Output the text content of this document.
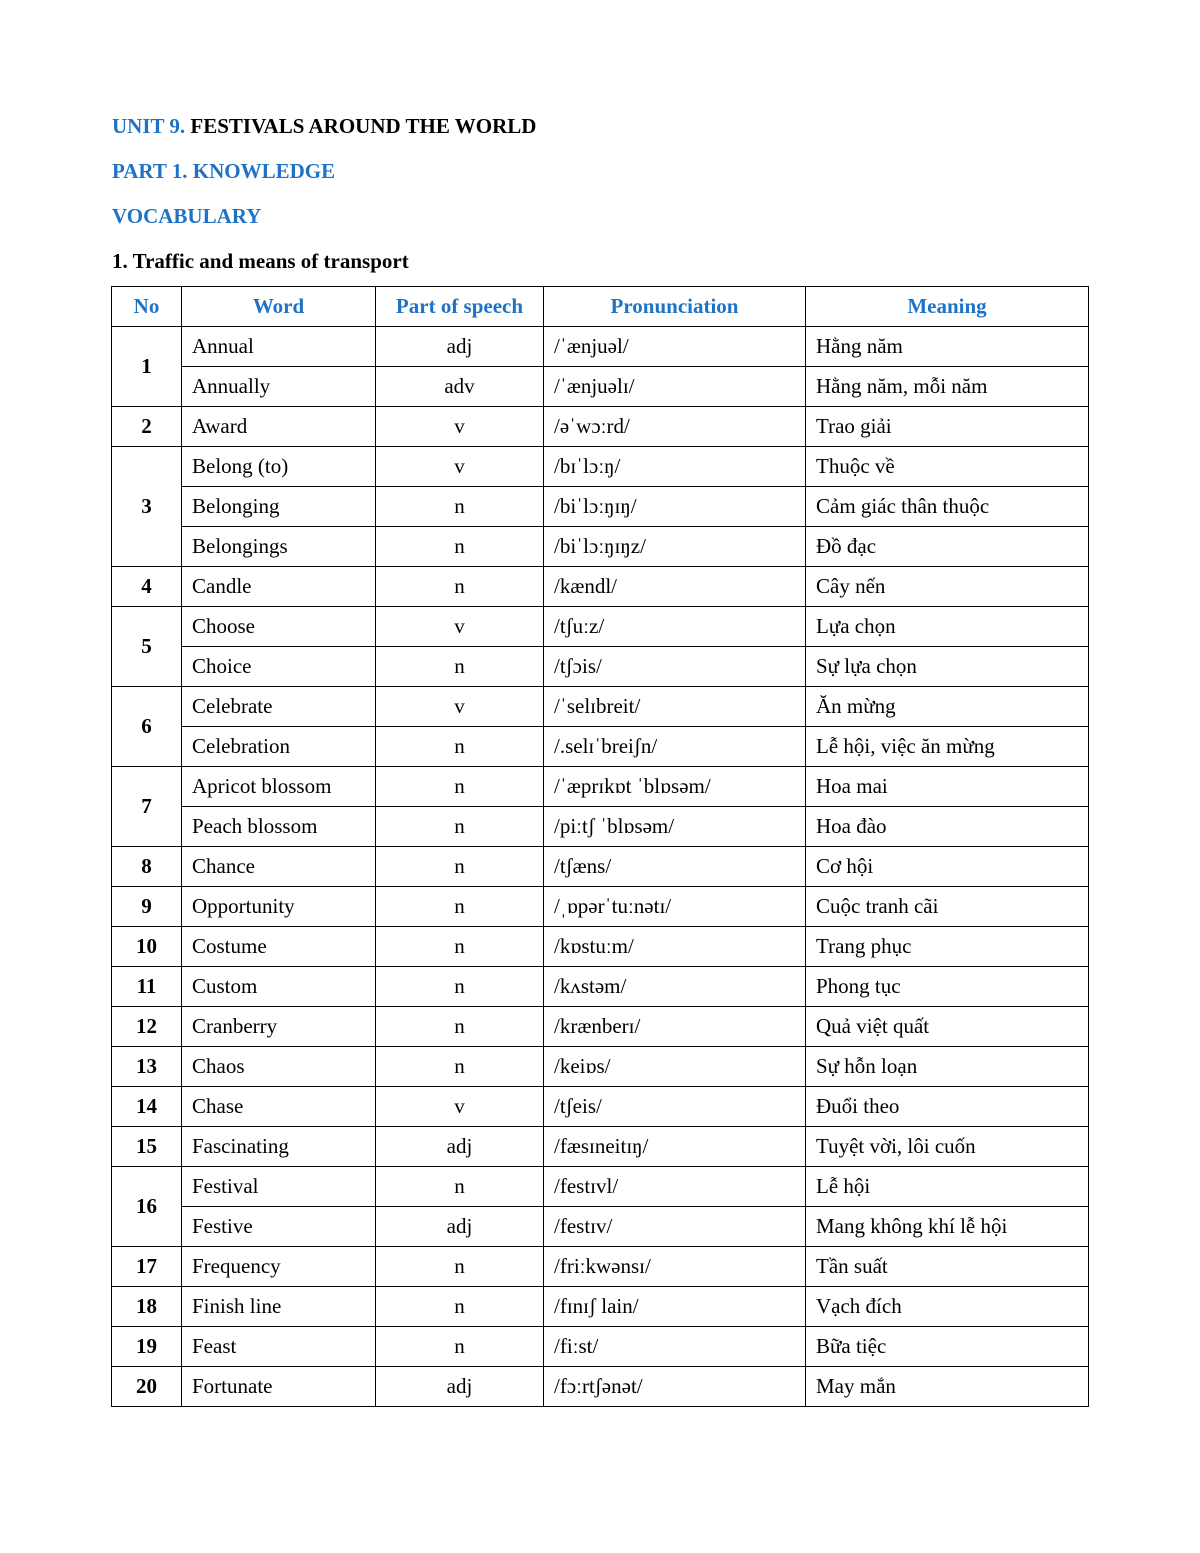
UNIT 9. FESTIVALS AROUND THE WORLD

PART 1. KNOWLEDGE

VOCABULARY

1. Traffic and means of transport

No	Word	Part of speech	Pronunciation	Meaning
1	Annual	adj	/ˈænjuəl/	Hằng năm
	Annually	adv	/ˈænjuəlɪ/	Hằng năm, mỗi năm
2	Award	v	/əˈwɔːrd/	Trao giải
3	Belong (to)	v	/bɪˈlɔːŋ/	Thuộc về
	Belonging	n	/biˈlɔːŋɪŋ/	Cảm giác thân thuộc
	Belongings	n	/biˈlɔːŋɪŋz/	Đồ đạc
4	Candle	n	/kændl/	Cây nến
5	Choose	v	/tʃuːz/	Lựa chọn
	Choice	n	/tʃɔis/	Sự lựa chọn
6	Celebrate	v	/ˈselɪbreit/	Ăn mừng
	Celebration	n	/.selɪˈbreiʃn/	Lễ hội, việc ăn mừng
7	Apricot blossom	n	/ˈæprɪkɒt ˈblɒsəm/	Hoa mai
	Peach blossom	n	/piːtʃ ˈblɒsəm/	Hoa đào
8	Chance	n	/tʃæns/	Cơ hội
9	Opportunity	n	/ˌɒpərˈtuːnətɪ/	Cuộc tranh cãi
10	Costume	n	/kɒstuːm/	Trang phục
11	Custom	n	/kʌstəm/	Phong tục
12	Cranberry	n	/krænberɪ/	Quả việt quất
13	Chaos	n	/keiɒs/	Sự hỗn loạn
14	Chase	v	/tʃeis/	Đuổi theo
15	Fascinating	adj	/fæsɪneitɪŋ/	Tuyệt vời, lôi cuốn
16	Festival	n	/festɪvl/	Lễ hội
	Festive	adj	/festɪv/	Mang không khí lễ hội
17	Frequency	n	/friːkwənsɪ/	Tần suất
18	Finish line	n	/fɪnɪʃ lain/	Vạch đích
19	Feast	n	/fiːst/	Bữa tiệc
20	Fortunate	adj	/fɔːrtʃənət/	May mắn
